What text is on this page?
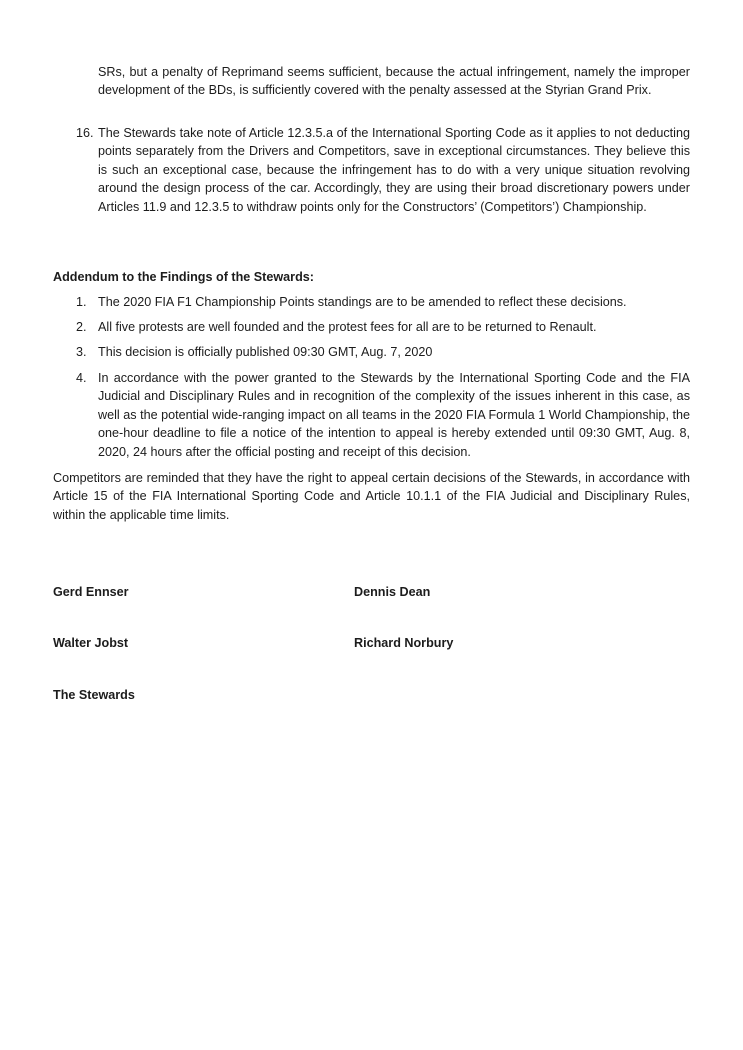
SRs, but a penalty of Reprimand seems sufficient, because the actual infringement, namely the improper development of the BDs, is sufficiently covered with the penalty assessed at the Styrian Grand Prix.
16. The Stewards take note of Article 12.3.5.a of the International Sporting Code as it applies to not deducting points separately from the Drivers and Competitors, save in exceptional circumstances. They believe this is such an exceptional case, because the infringement has to do with a very unique situation revolving around the design process of the car. Accordingly, they are using their broad discretionary powers under Articles 11.9 and 12.3.5 to withdraw points only for the Constructors’ (Competitors’) Championship.
Addendum to the Findings of the Stewards:
1. The 2020 FIA F1 Championship Points standings are to be amended to reflect these decisions.
2. All five protests are well founded and the protest fees for all are to be returned to Renault.
3. This decision is officially published 09:30 GMT, Aug. 7, 2020
4. In accordance with the power granted to the Stewards by the International Sporting Code and the FIA Judicial and Disciplinary Rules and in recognition of the complexity of the issues inherent in this case, as well as the potential wide-ranging impact on all teams in the 2020 FIA Formula 1 World Championship, the one-hour deadline to file a notice of the intention to appeal is hereby extended until 09:30 GMT, Aug. 8, 2020, 24 hours after the official posting and receipt of this decision.
Competitors are reminded that they have the right to appeal certain decisions of the Stewards, in accordance with Article 15 of the FIA International Sporting Code and Article 10.1.1 of the FIA Judicial and Disciplinary Rules, within the applicable time limits.
Gerd Ennser	Dennis Dean
Walter Jobst	Richard Norbury
The Stewards
